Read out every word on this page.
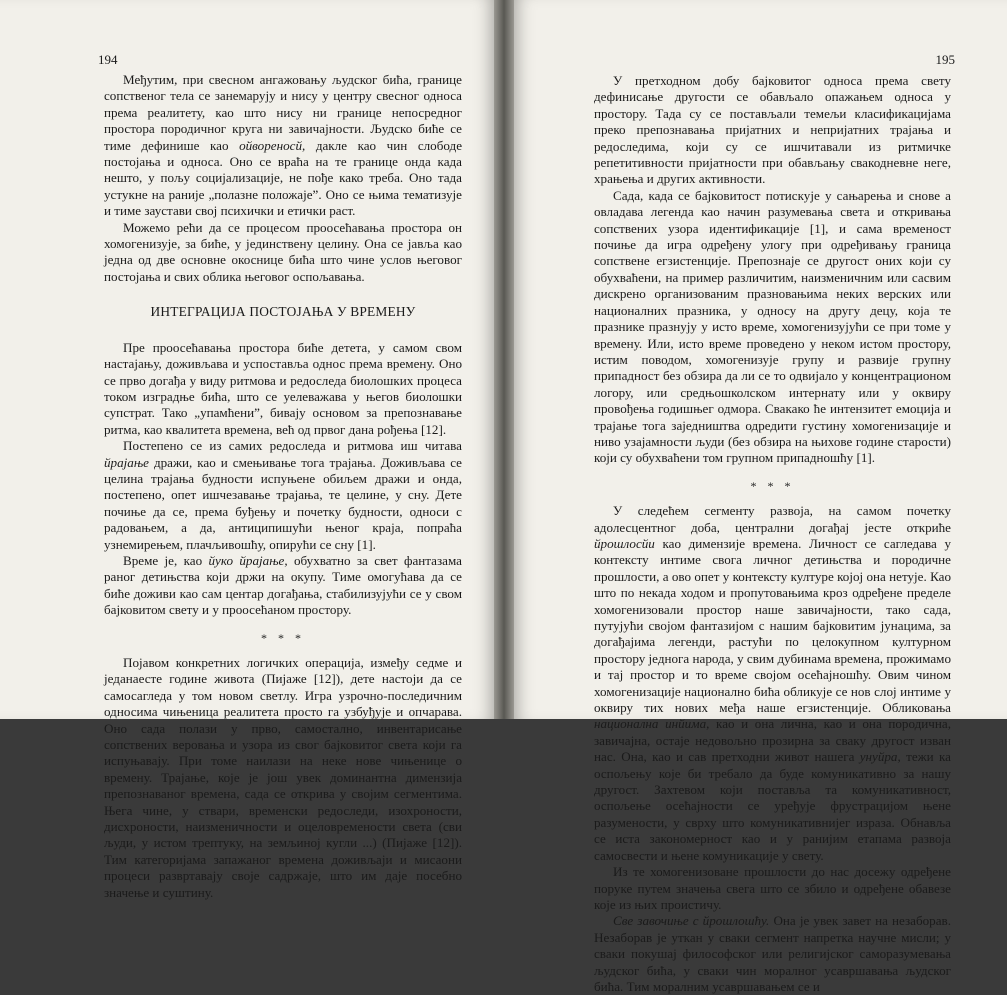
194

Међутим, при свесном ангажовању људског бића, границе сопственог тела се занемарују и нису у центру свесног односа према реалитету, као што нису ни границе непосредног простора породичног круга ни завичајности. Људско биће се тиме дефинише као ойвореносй, дакле као чин слободе постојања и односа. Оно се враћа на те границе онда када нешто, у пољу социјализације, не пође како треба. Оно тада устукне на раније „полазне положаје”. Оно се њима тематизује и тиме заустави свој психички и етички раст.

Можемо рећи да се процесом проосећавања простора он хомогенизује, за биће, у јединствену целину. Она се јавља као једна од две основне окоснице бића што чине услов његовог постојања и свих облика његовог оспољавања.

ИНТЕГРАЦИЈА ПОСТОЈАЊА У ВРЕМЕНУ

Пре проосећавања простора биће детета, у самом свом настајању, доживљава и успоставља однос према времену. Оно се прво догађа у виду ритмова и редоследа биолошких процеса током изградње бића, што се уелеважава у његов биолошки супстрат. Тако „упамћени”, бивају основом за препознавање ритма, као квалитета времена, већ од првог дана рођења [12].

Постепено се из самих редоследа и ритмова иш читава йрајање дражи, као и смењивање тога трајања. Доживљава се целина трајања будности испуњене обиљем дражи и онда, постепено, опет ишчезавање трајања, те целине, у сну. Дете почиње да се, према буђењу и почетку будности, односи с радовањем, а да, антиципишући њеног краја, попраћа узнемирењем, плачљивошћу, опирући се сну [1].

Време је, као йуко йрајање, обухватно за свет фантазама раног детињства који држи на окупу. Тиме омогућава да се биће доживи као сам центар догађања, стабилизујући се у свом бајковитом свету и у проосећаном простору.

* * *

Појавом конкретних логичких операција, између седме и једанаесте године живота (Пијаже [12]), дете настоји да се самосагледа у том новом светлу. Игра узрочно-последичним односима чињеница реалитета просто га узбуђује и опчарава. Оно сада полази у прво, самостално, инвентарисање сопствених веровања и узора из свог бајковитог света који га испуњавају. При томе наилази на неке нове чињенице о времену. Трајање, које је још увек доминантна димензија препознаваног времена, сада се открива у својим сегментима. Њега чине, у ствари, временски редоследи, изохроности, дисхроности, наизменичности и оцеловремености света (сви људи, у истом трептуку, на земљиној кугли ...) (Пијаже [12]). Тим категоријама запажаног времена доживљаји и мисаони процеси развртавају своје садржаје, што им даје посебно значење и суштину.

195

У претходном добу бајковитог односа према свету дефинисање другости се обављало опажањем односа у простору. Тада су се постављали темељи класификацијама преко препознавања пријатних и непријатних трајања и редоследима, који су се ишчитавали из ритмичке репетитивности пријатности при обављању свакодневне неге, храњења и других активности.

Сада, када се бајковитост потискује у сањарења и снове а овладава легенда као начин разумевања света и откривања сопствених узора идентификације [1], и сама временост почиње да игра одређену улогу при одређивању граница сопствене егзистенције. Препознаје се другост оних који су обухваћени, на пример различитим, наизменичним или сасвим дискрено организованим празновањима неких верских или националних празника, у односу на другу децу, која те празнике празнују у исто време, хомогенизујући се при томе у времену. Или, исто време проведено у неком истом простору, истим поводом, хомогенизује групу и развије групну припадност без обзира да ли се то одвијало у концентрационом логору, или средњошколском интернату или у оквиру провођења годишњег одмора. Свакако ће интензитет емоција и трајање тога заједништва одредити густину хомогенизације и ниво узајамности људи (без обзира на њихове године старости) који су обухваћени том групном припадношћу [1].

* * *

У следећем сегменту развоја, на самом почетку адолесцентног доба, централни догађај јесте откриће йрошлосйи као димензије времена. Личност се сагледава у контексту интиме свога личног детињства и породичне прошлости, а ово опет у контексту културе којој она нетује. Као што по некада ходом и пропутовањима кроз одређене пределе хомогенизовали простор наше завичајности, тако сада, путујући својом фантазијом с нашим бајковитим јунацима, за догађајима легенди, растући по целокупном културном простору једнога народа, у свим дубинама времена, прожимамо и тај простор и то време својом осећајношћу. Овим чином хомогенизације национално бића обликује се нов слој интиме у оквиру тих нових међа наше егзистенције. Обликовања национална инйима, као и она лична, као и она породична, завичајна, остаје недовољно прозирна за сваку другост изван нас. Она, као и сав претходни живот нашега унуйра, тежи ка оспољењу које би требало да буде комуникативно за нашу другост. Захтевом који поставља та комуникативност, оспољење осећајности се уређује фрустрацијом њене разумености, у сврху што комуникативнијег израза. Обнавља се иста закономерност као и у ранијим етапама развоја самосвести и њене комуникације у свету.

Из те хомогенизоване прошлости до нас досежу одређене поруке путем значења свега што се збило и одређене обавезе које из њих проистичу.

Све завочиње с йрошлошћу. Она је увек завет на незаборав. Незаборав је уткан у сваки сегмент напретка научне мисли; у сваки покушај философског или религијског саморазумевања људског бића, у сваки чин моралног усавршавања људског бића. Тим моралним усавршавањем се и
